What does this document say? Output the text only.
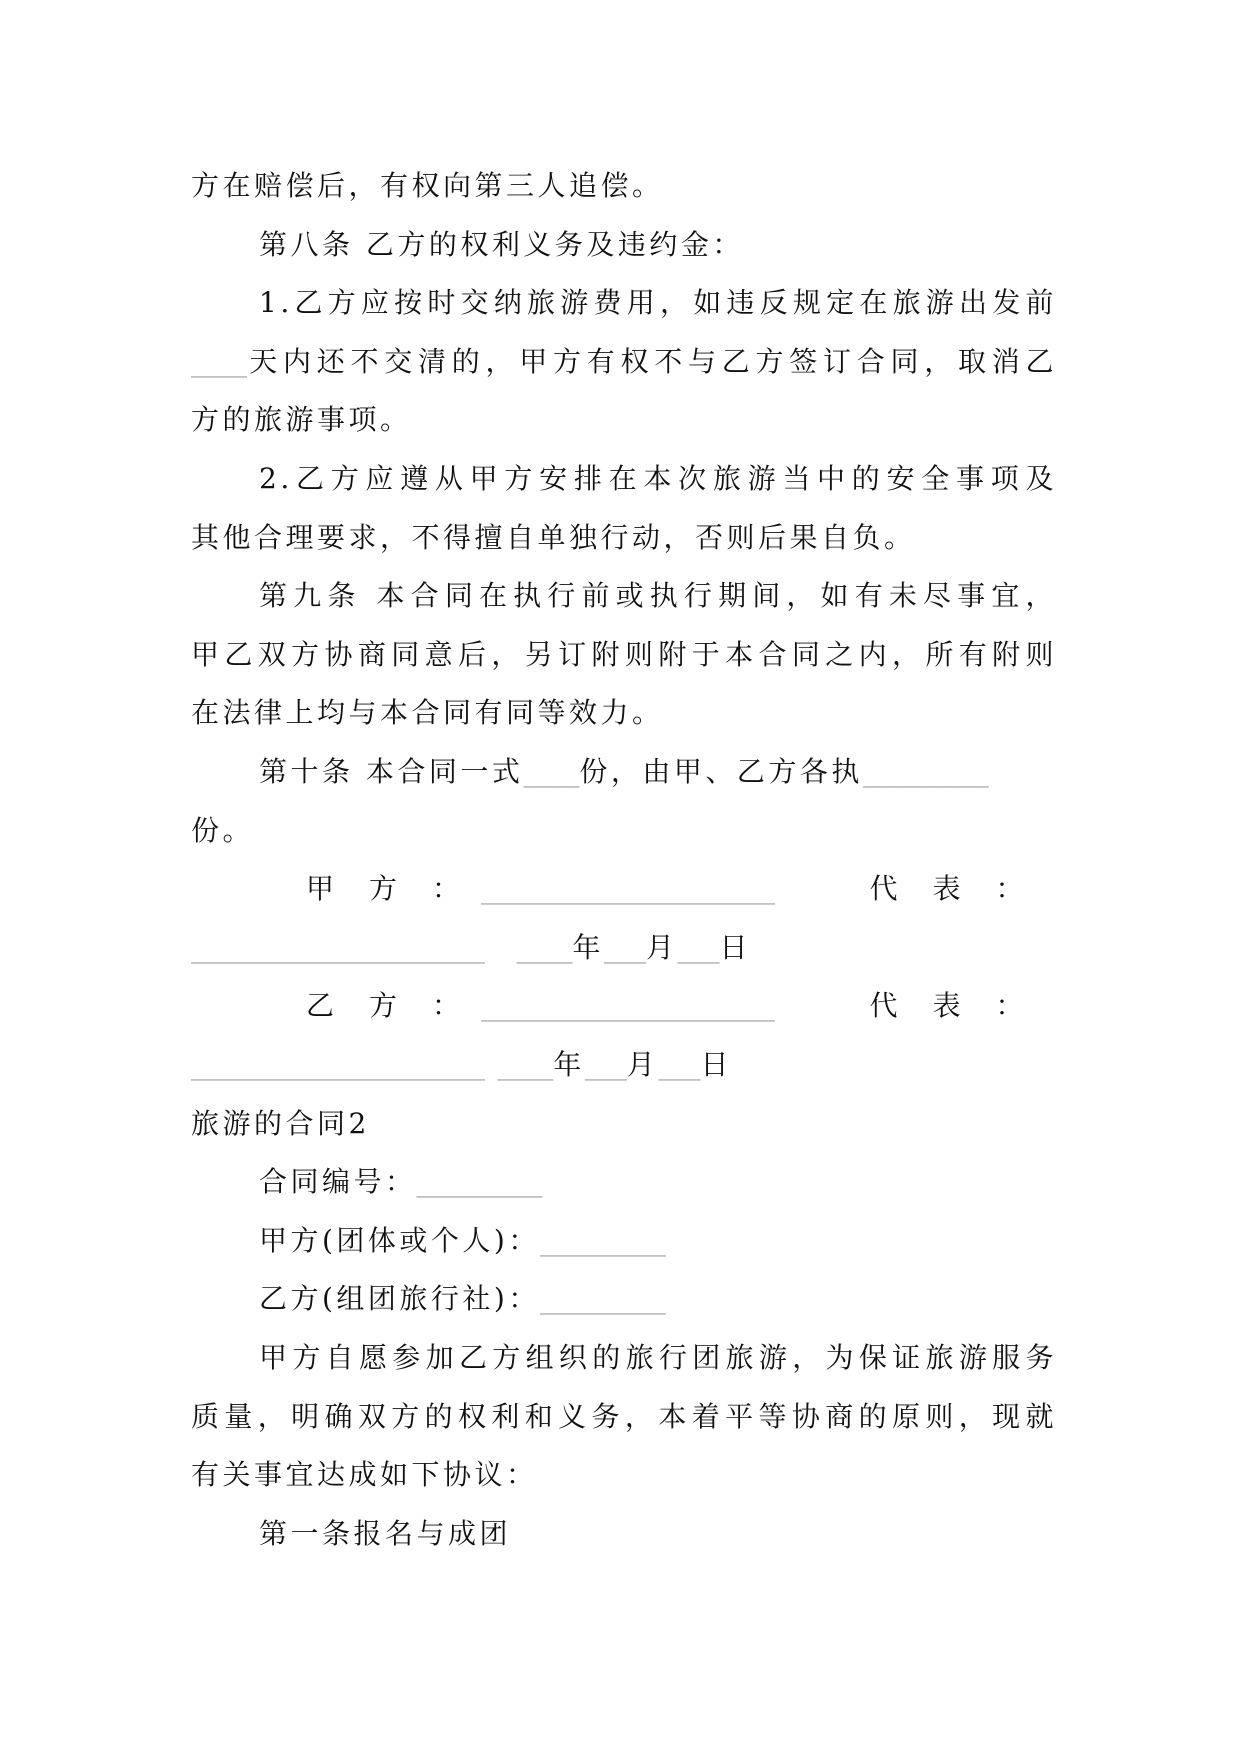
方在赔偿后，有权向第三人追偿。
第八条 乙方的权利义务及违约金：
1.乙方应按时交纳旅游费用，如违反规定在旅游出发前
____天内还不交清的，甲方有权不与乙方签订合同，取消乙
方的旅游事项。
2.乙方应遵从甲方安排在本次旅游当中的安全事项及
其他合理要求，不得擅自单独行动，否则后果自负。
第九条 本合同在执行前或执行期间，如有未尽事宜，
甲乙双方协商同意后，另订附则附于本合同之内，所有附则
在法律上均与本合同有同等效力。
第十条 本合同一式____份，由甲、乙方各执_________
份。
甲　方　：　_____________________　　　代　表　：
_____________________　 ____年___月___日
乙　方　：　_____________________　　　代　表　：
_____________________ ____年___月___日
旅游的合同2
合同编号：_________
甲方(团体或个人)：_________
乙方(组团旅行社)：_________
甲方自愿参加乙方组织的旅行团旅游，为保证旅游服务
质量，明确双方的权利和义务，本着平等协商的原则，现就
有关事宜达成如下协议：
第一条报名与成团
